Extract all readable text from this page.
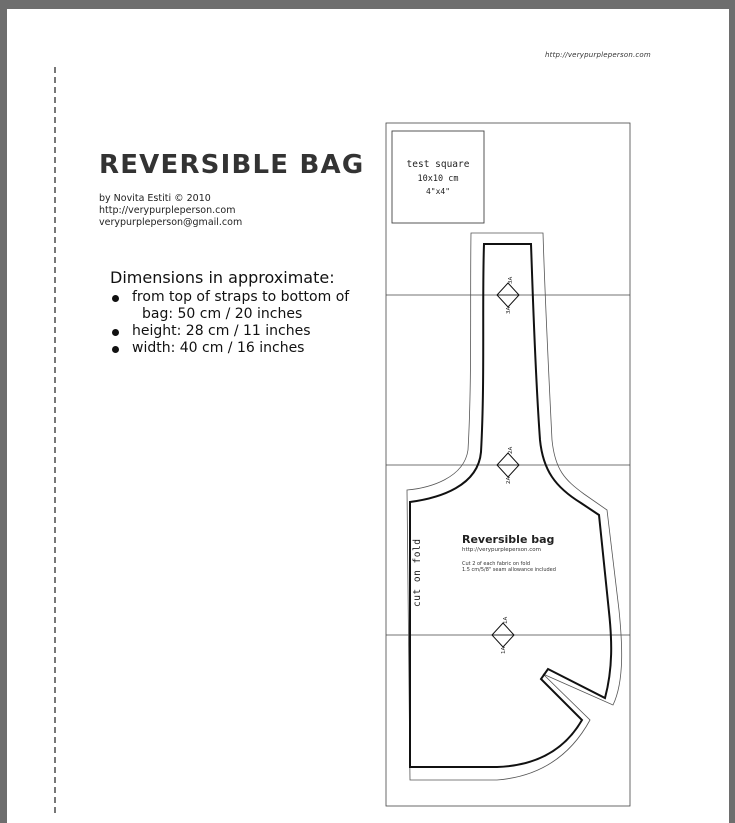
http://verypurpleperson.com
REVERSIBLE BAG
by Novita Estiti © 2010
http://verypurpleperson.com
verypurpleperson@gmail.com
Dimensions in approximate:
from top of straps to bottom of
bag: 50 cm / 20 inches
height: 28 cm / 11 inches
width: 40 cm / 16 inches
test square
10x10 cm
4"x4"
3A
3A
2A
2A
1A
1A
cut on fold	Reversible bag
http://verypurpleperson.com
Cut 2 of each fabric on fold
1.5 cm/5/8" seam allowance included
